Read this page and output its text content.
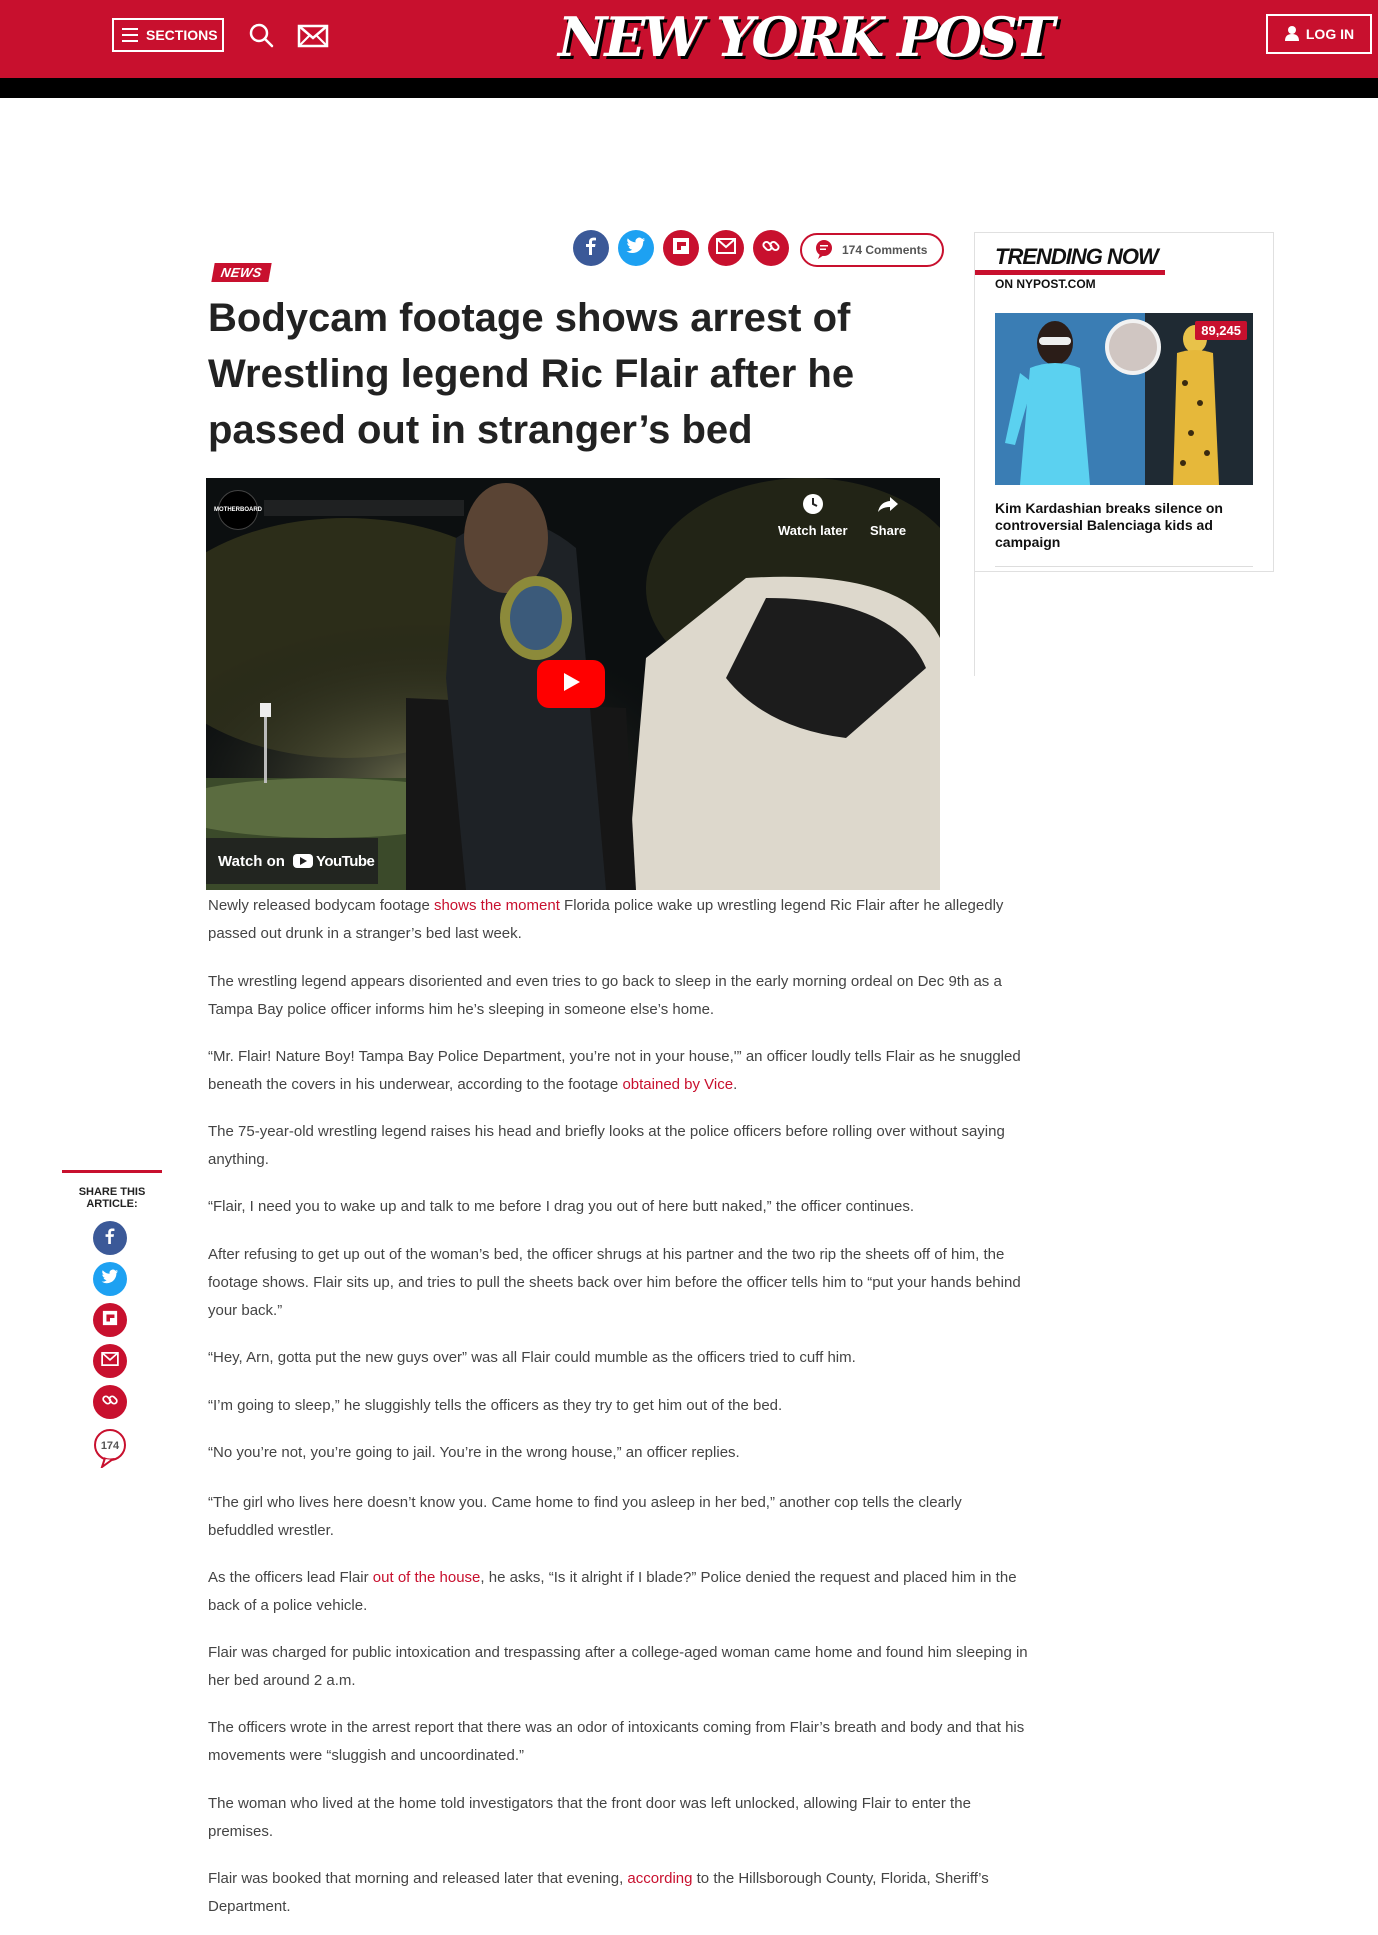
SECTIONS	NEW YORK POST	LOG IN
174 Comments
NEWS
Bodycam footage shows arrest of Wrestling legend Ric Flair after he passed out in stranger’s bed
MOTHERBOARD
Watch later Share
Watch on YouTube

Newly released bodycam footage shows the moment Florida police wake up wrestling legend Ric Flair after he allegedly passed out drunk in a stranger’s bed last week.

The wrestling legend appears disoriented and even tries to go back to sleep in the early morning ordeal on Dec 9th as a Tampa Bay police officer informs him he’s sleeping in someone else’s home.

“Mr. Flair! Nature Boy! Tampa Bay Police Department, you’re not in your house,'” an officer loudly tells Flair as he snuggled beneath the covers in his underwear, according to the footage obtained by Vice.

The 75-year-old wrestling legend raises his head and briefly looks at the police officers before rolling over without saying anything.

“Flair, I need you to wake up and talk to me before I drag you out of here butt naked,” the officer continues.

After refusing to get up out of the woman’s bed, the officer shrugs at his partner and the two rip the sheets off of him, the footage shows. Flair sits up, and tries to pull the sheets back over him before the officer tells him to “put your hands behind your back.”

“Hey, Arn, gotta put the new guys over” was all Flair could mumble as the officers tried to cuff him.

“I’m going to sleep,” he sluggishly tells the officers as they try to get him out of the bed.

“No you’re not, you’re going to jail. You’re in the wrong house,” an officer replies.

“The girl who lives here doesn’t know you. Came home to find you asleep in her bed,” another cop tells the clearly befuddled wrestler.

As the officers lead Flair out of the house, he asks, “Is it alright if I blade?” Police denied the request and placed him in the back of a police vehicle.

Flair was charged for public intoxication and trespassing after a college-aged woman came home and found him sleeping in her bed around 2 a.m.

The officers wrote in the arrest report that there was an odor of intoxicants coming from Flair’s breath and body and that his movements were “sluggish and uncoordinated.”

The woman who lived at the home told investigators that the front door was left unlocked, allowing Flair to enter the premises.

Flair was booked that morning and released later that evening, according to the Hillsborough County, Florida, Sheriff’s Department.

TRENDING NOW
ON NYPOST.COM
89,245
Kim Kardashian breaks silence on controversial Balenciaga kids ad campaign
SHARE THIS ARTICLE:
174
